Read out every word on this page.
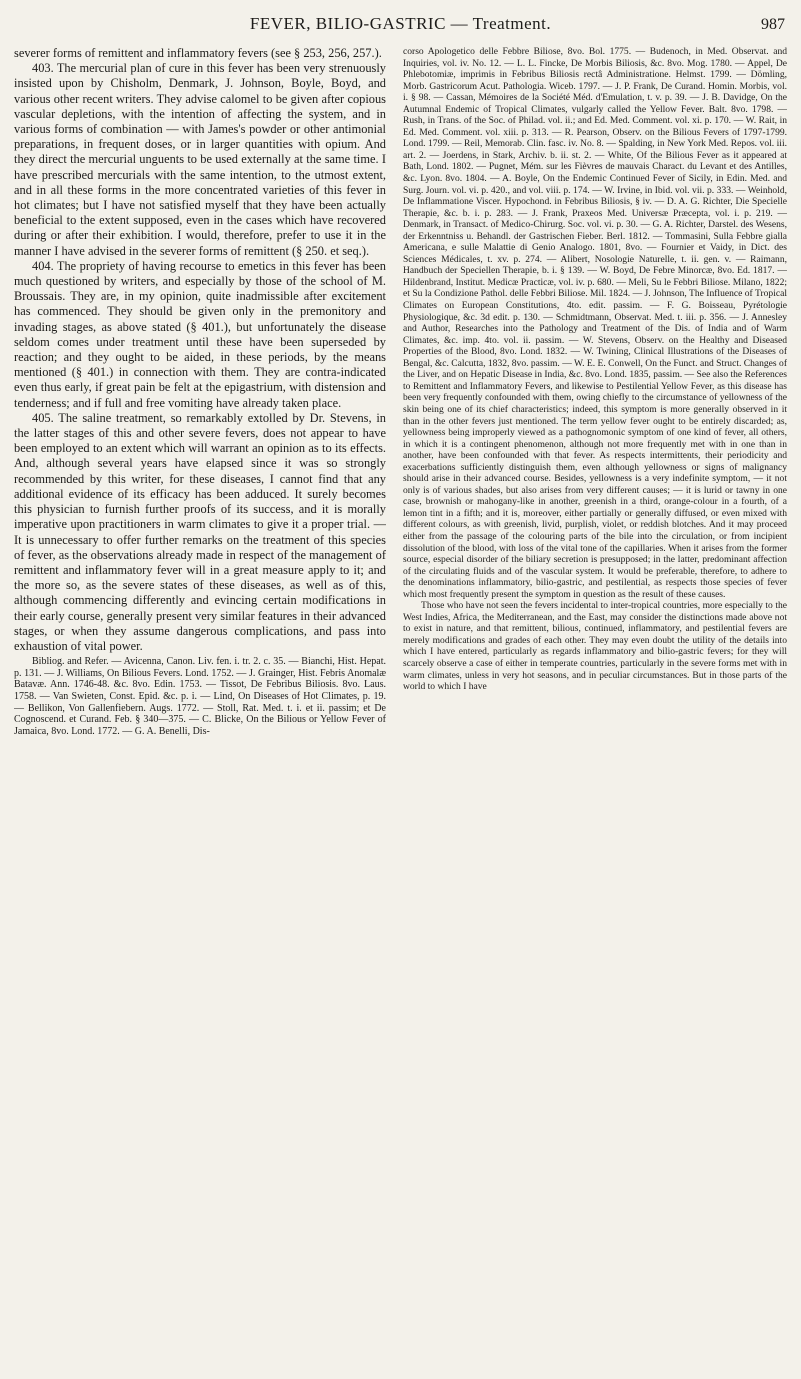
FEVER, BILIO-GASTRIC — Treatment.	987

severer forms of remittent and inflammatory fevers (see § 253, 256, 257.).

403. The mercurial plan of cure in this fever has been very strenuously insisted upon by Chisholm, Denmark, J. Johnson, Boyle, Boyd, and various other recent writers. They advise calomel to be given after copious vascular depletions, with the intention of affecting the system, and in various forms of combination — with James's powder or other antimonial preparations, in frequent doses, or in larger quantities with opium. And they direct the mercurial unguents to be used externally at the same time. I have prescribed mercurials with the same intention, to the utmost extent, and in all these forms in the more concentrated varieties of this fever in hot climates; but I have not satisfied myself that they have been actually beneficial to the extent supposed, even in the cases which have recovered during or after their exhibition. I would, therefore, prefer to use it in the manner I have advised in the severer forms of remittent (§ 250. et seq.).

404. The propriety of having recourse to emetics in this fever has been much questioned by writers, and especially by those of the school of M. Broussais. They are, in my opinion, quite inadmissible after excitement has commenced. They should be given only in the premonitory and invading stages, as above stated (§ 401.), but unfortunately the disease seldom comes under treatment until these have been superseded by reaction; and they ought to be aided, in these periods, by the means mentioned (§ 401.) in connection with them. They are contra-indicated even thus early, if great pain be felt at the epigastrium, with distension and tenderness; and if full and free vomiting have already taken place.

405. The saline treatment, so remarkably extolled by Dr. Stevens, in the latter stages of this and other severe fevers, does not appear to have been employed to an extent which will warrant an opinion as to its effects. And, although several years have elapsed since it was so strongly recommended by this writer, for these diseases, I cannot find that any additional evidence of its efficacy has been adduced. It surely becomes this physician to furnish further proofs of its success, and it is morally imperative upon practitioners in warm climates to give it a proper trial. — It is unnecessary to offer further remarks on the treatment of this species of fever, as the observations already made in respect of the management of remittent and inflammatory fever will in a great measure apply to it; and the more so, as the severe states of these diseases, as well as of this, although commencing differently and evincing certain modifications in their early course, generally present very similar features in their advanced stages, or when they assume dangerous complications, and pass into exhaustion of vital power.

Bibliog. and Refer. — Avicenna, Canon. Liv. fen. i. tr. 2. c. 35. — Bianchi, Hist. Hepat. p. 131. — J. Williams, On Bilious Fevers. Lond. 1752. — J. Grainger, Hist. Febris Anomalæ Batavæ. Ann. 1746-48. &c. 8vo. Edin. 1753. — Tissot, De Febribus Biliosis. 8vo. Laus. 1758. — Van Swieten, Const. Epid. &c. p. i. — Lind, On Diseases of Hot Climates, p. 19. — Bellikon, Von Gallenfiebern. Augs. 1772. — Stoll, Rat. Med. t. i. et ii. passim; et De Cognoscend. et Curand. Feb. § 340—375. — C. Blicke, On the Bilious or Yellow Fever of Jamaica, 8vo. Lond. 1772. — G. A. Benelli, Dis-

corso Apologetico delle Febbre Biliose, 8vo. Bol. 1775. — Budenoch, in Med. Observat. and Inquiries, vol. iv. No. 12. — L. L. Fincke, De Morbis Biliosis, &c. 8vo. Mog. 1780. — Appel, De Phlebotomiæ, imprimis in Febribus Biliosis rectâ Administratione. Helmst. 1799. — Dömling, Morb. Gastricorum Acut. Pathologia. Wiceb. 1797. — J. P. Frank, De Curand. Homin. Morbis, vol. i. § 98. — Cassan, Mémoires de la Société Méd. d'Emulation, t. v. p. 39. — J. B. Davidge, On the Autumnal Endemic of Tropical Climates, vulgarly called the Yellow Fever. Balt. 8vo. 1798. — Rush, in Trans. of the Soc. of Philad. vol. ii.; and Ed. Med. Comment. vol. xi. p. 170. — W. Rait, in Ed. Med. Comment. vol. xiii. p. 313. — R. Pearson, Observ. on the Bilious Fevers of 1797-1799. Lond. 1799. — Reil, Memorab. Clin. fasc. iv. No. 8. — Spalding, in New York Med. Repos. vol. iii. art. 2. — Joerdens, in Stark, Archiv. b. ii. st. 2. — White, Of the Bilious Fever as it appeared at Bath, Lond. 1802. — Pugnet, Mém. sur les Fièvres de mauvais Charact. du Levant et des Antilles, &c. Lyon. 8vo. 1804. — A. Boyle, On the Endemic Continued Fever of Sicily, in Edin. Med. and Surg. Journ. vol. vi. p. 420., and vol. viii. p. 174. — W. Irvine, in Ibid. vol. vii. p. 333. — Weinhold, De Inflammatione Viscer. Hypochond. in Febribus Biliosis, § iv. — D. A. G. Richter, Die Specielle Therapie, &c. b. i. p. 283. — J. Frank, Praxeos Med. Universæ Præcepta, vol. i. p. 219. — Denmark, in Transact. of Medico-Chirurg. Soc. vol. vi. p. 30. — G. A. Richter, Darstel. des Wesens, der Erkenntniss u. Behandl. der Gastrischen Fieber. Berl. 1812. — Tommasini, Sulla Febbre gialla Americana, e sulle Malattie di Genio Analogo. 1801, 8vo. — Fournier et Vaidy, in Dict. des Sciences Médicales, t. xv. p. 274. — Alibert, Nosologie Naturelle, t. ii. gen. v. — Raimann, Handbuch der Speciellen Therapie, b. i. § 139. — W. Boyd, De Febre Minorcæ, 8vo. Ed. 1817. — Hildenbrand, Institut. Medicæ Practicæ, vol. iv. p. 680. — Meli, Su le Febbri Biliose. Milano, 1822; et Su la Condizione Pathol. delle Febbri Biliose. Mil. 1824. — J. Johnson, The Influence of Tropical Climates on European Constitutions, 4to. edit. passim. — F. G. Boisseau, Pyrétologie Physiologique, &c. 3d edit. p. 130. — Schmidtmann, Observat. Med. t. iii. p. 356. — J. Annesley and Author, Researches into the Pathology and Treatment of the Dis. of India and of Warm Climates, &c. imp. 4to. vol. ii. passim. — W. Stevens, Observ. on the Healthy and Diseased Properties of the Blood, 8vo. Lond. 1832. — W. Twining, Clinical Illustrations of the Diseases of Bengal, &c. Calcutta, 1832, 8vo. passim. — W. E. E. Conwell, On the Funct. and Struct. Changes of the Liver, and on Hepatic Disease in India, &c. 8vo. Lond. 1835, passim. — See also the References to Remittent and Inflammatory Fevers, and likewise to Pestilential Yellow Fever, as this disease has been very frequently confounded with them, owing chiefly to the circumstance of yellowness of the skin being one of its chief characteristics; indeed, this symptom is more generally observed in it than in the other fevers just mentioned. The term yellow fever ought to be entirely discarded; as, yellowness being improperly viewed as a pathognomonic symptom of one kind of fever, all others, in which it is a contingent phenomenon, although not more frequently met with in one than in another, have been confounded with that fever. As respects intermittents, their periodicity and exacerbations sufficiently distinguish them, even although yellowness or signs of malignancy should arise in their advanced course. Besides, yellowness is a very indefinite symptom, — it not only is of various shades, but also arises from very different causes; — it is lurid or tawny in one case, brownish or mahogany-like in another, greenish in a third, orange-colour in a fourth, of a lemon tint in a fifth; and it is, moreover, either partially or generally diffused, or even mixed with different colours, as with greenish, livid, purplish, violet, or reddish blotches. And it may proceed either from the passage of the colouring parts of the bile into the circulation, or from incipient dissolution of the blood, with loss of the vital tone of the capillaries. When it arises from the former source, especial disorder of the biliary secretion is presupposed; in the latter, predominant affection of the circulating fluids and of the vascular system. It would be preferable, therefore, to adhere to the denominations inflammatory, bilio-gastric, and pestilential, as respects those species of fever which most frequently present the symptom in question as the result of these causes.

Those who have not seen the fevers incidental to inter-tropical countries, more especially to the West Indies, Africa, the Mediterranean, and the East, may consider the distinctions made above not to exist in nature, and that remittent, bilious, continued, inflammatory, and pestilential fevers are merely modifications and grades of each other. They may even doubt the utility of the details into which I have entered, particularly as regards inflammatory and bilio-gastric fevers; for they will scarcely observe a case of either in temperate countries, particularly in the severe forms met with in warm climates, unless in very hot seasons, and in peculiar circumstances. But in those parts of the world to which I have
